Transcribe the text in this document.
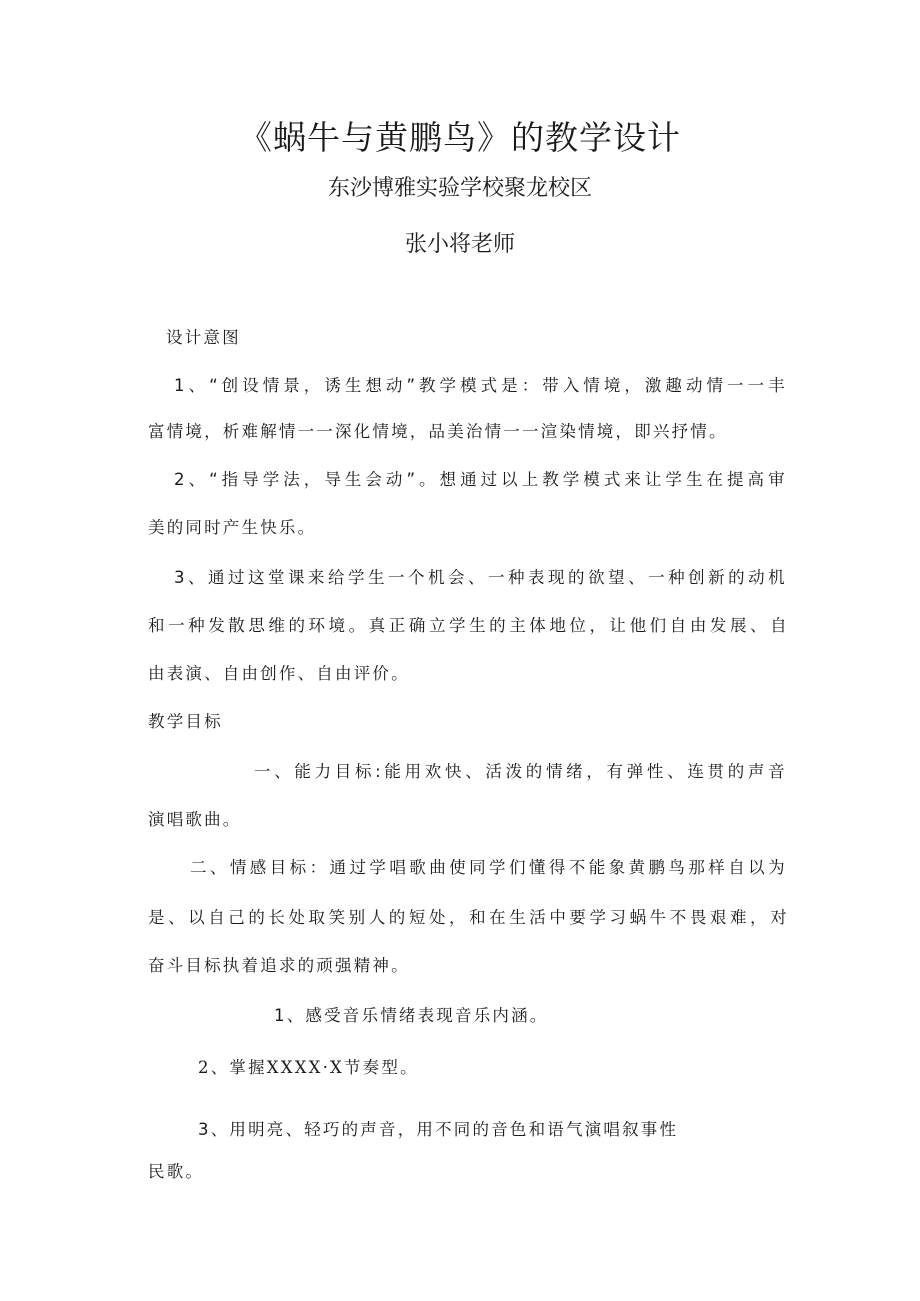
《蜗牛与黄鹏鸟》的教学设计
东沙博雅实验学校聚龙校区
张小将老师
设计意图
1、“创设情景，诱生想动”教学模式是：带入情境，激趣动情一一丰
富情境，析难解情一一深化情境，品美治情一一渲染情境，即兴抒情。
2、“指导学法，导生会动”。想通过以上教学模式来让学生在提高审
美的同时产生快乐。
3、通过这堂课来给学生一个机会、一种表现的欲望、一种创新的动机
和一种发散思维的环境。真正确立学生的主体地位，让他们自由发展、自
由表演、自由创作、自由评价。
教学目标
一、能力目标:能用欢快、活泼的情绪，有弹性、连贯的声音
演唱歌曲。
二、情感目标：通过学唱歌曲使同学们懂得不能象黄鹏鸟那样自以为
是、以自己的长处取笑别人的短处，和在生活中要学习蜗牛不畏艰难，对
奋斗目标执着追求的顽强精神。
1、感受音乐情绪表现音乐内涵。
2、掌握XXXX·X节奏型。
3、用明亮、轻巧的声音，用不同的音色和语气演唱叙事性
民歌。
